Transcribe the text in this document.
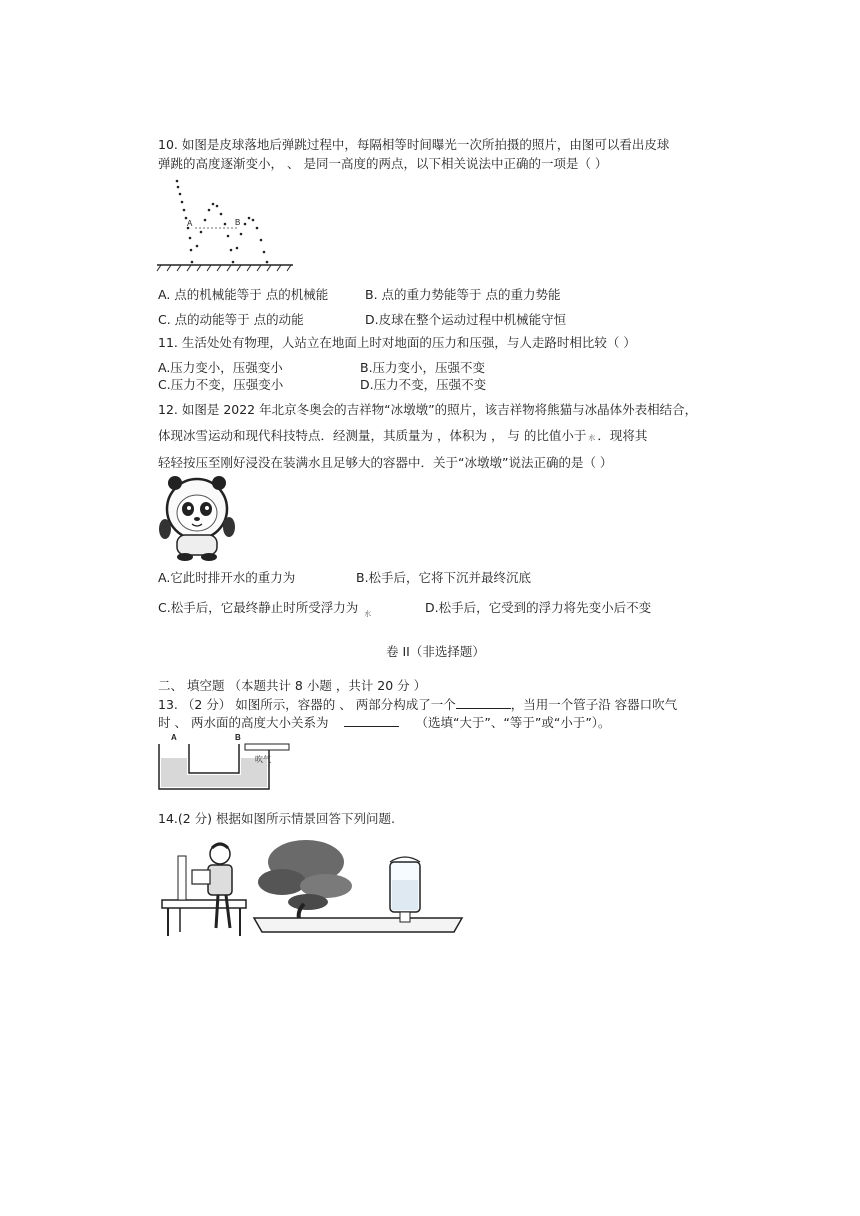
10. 如图是皮球落地后弹跳过程中，每隔相等时间曝光一次所拍摄的照片，由图可以看出皮球
弹跳的高度逐渐变小， 、 是同一高度的两点，以下相关说法中正确的一项是（ ）
A	B
A. 点的机械能等于 点的机械能	B. 点的重力势能等于 点的重力势能
C. 点的动能等于 点的动能	D.皮球在整个运动过程中机械能守恒
11. 生活处处有物理，人站立在地面上时对地面的压力和压强，与人走路时相比较（ ）
A.压力变小，压强变小	B.压力变小，压强不变
C.压力不变，压强变小	D.压力不变，压强不变
12. 如图是 2022 年北京冬奥会的吉祥物“冰墩墩”的照片，该吉祥物将熊猫与冰晶体外表相结合，
体现冰雪运动和现代科技特点．经测量，其质量为 ，体积为 ， 与 的比值小于 水 ．现将其
轻轻按压至刚好浸没在装满水且足够大的容器中．关于“冰墩墩”说法正确的是（ ）
A.它此时排开水的重力为	B.松手后，它将下沉并最终沉底
C.松手后，它最终静止时所受浮力为 $_水$	D.松手后，它受到的浮力将先变小后不变
卷 II（非选择题）
二、 填空题 （本题共计 8 小题 ，共计 20 分 ）
13. （2 分） 如图所示，容器的 、 两部分构成了一个	，当用一个管子沿 容器口吹气
时 、 两水面的高度大小关系为	（选填“大于”、“等于”或“小于”）。
A	B
吹气
14.(2 分) 根据如图所示情景回答下列问题.
